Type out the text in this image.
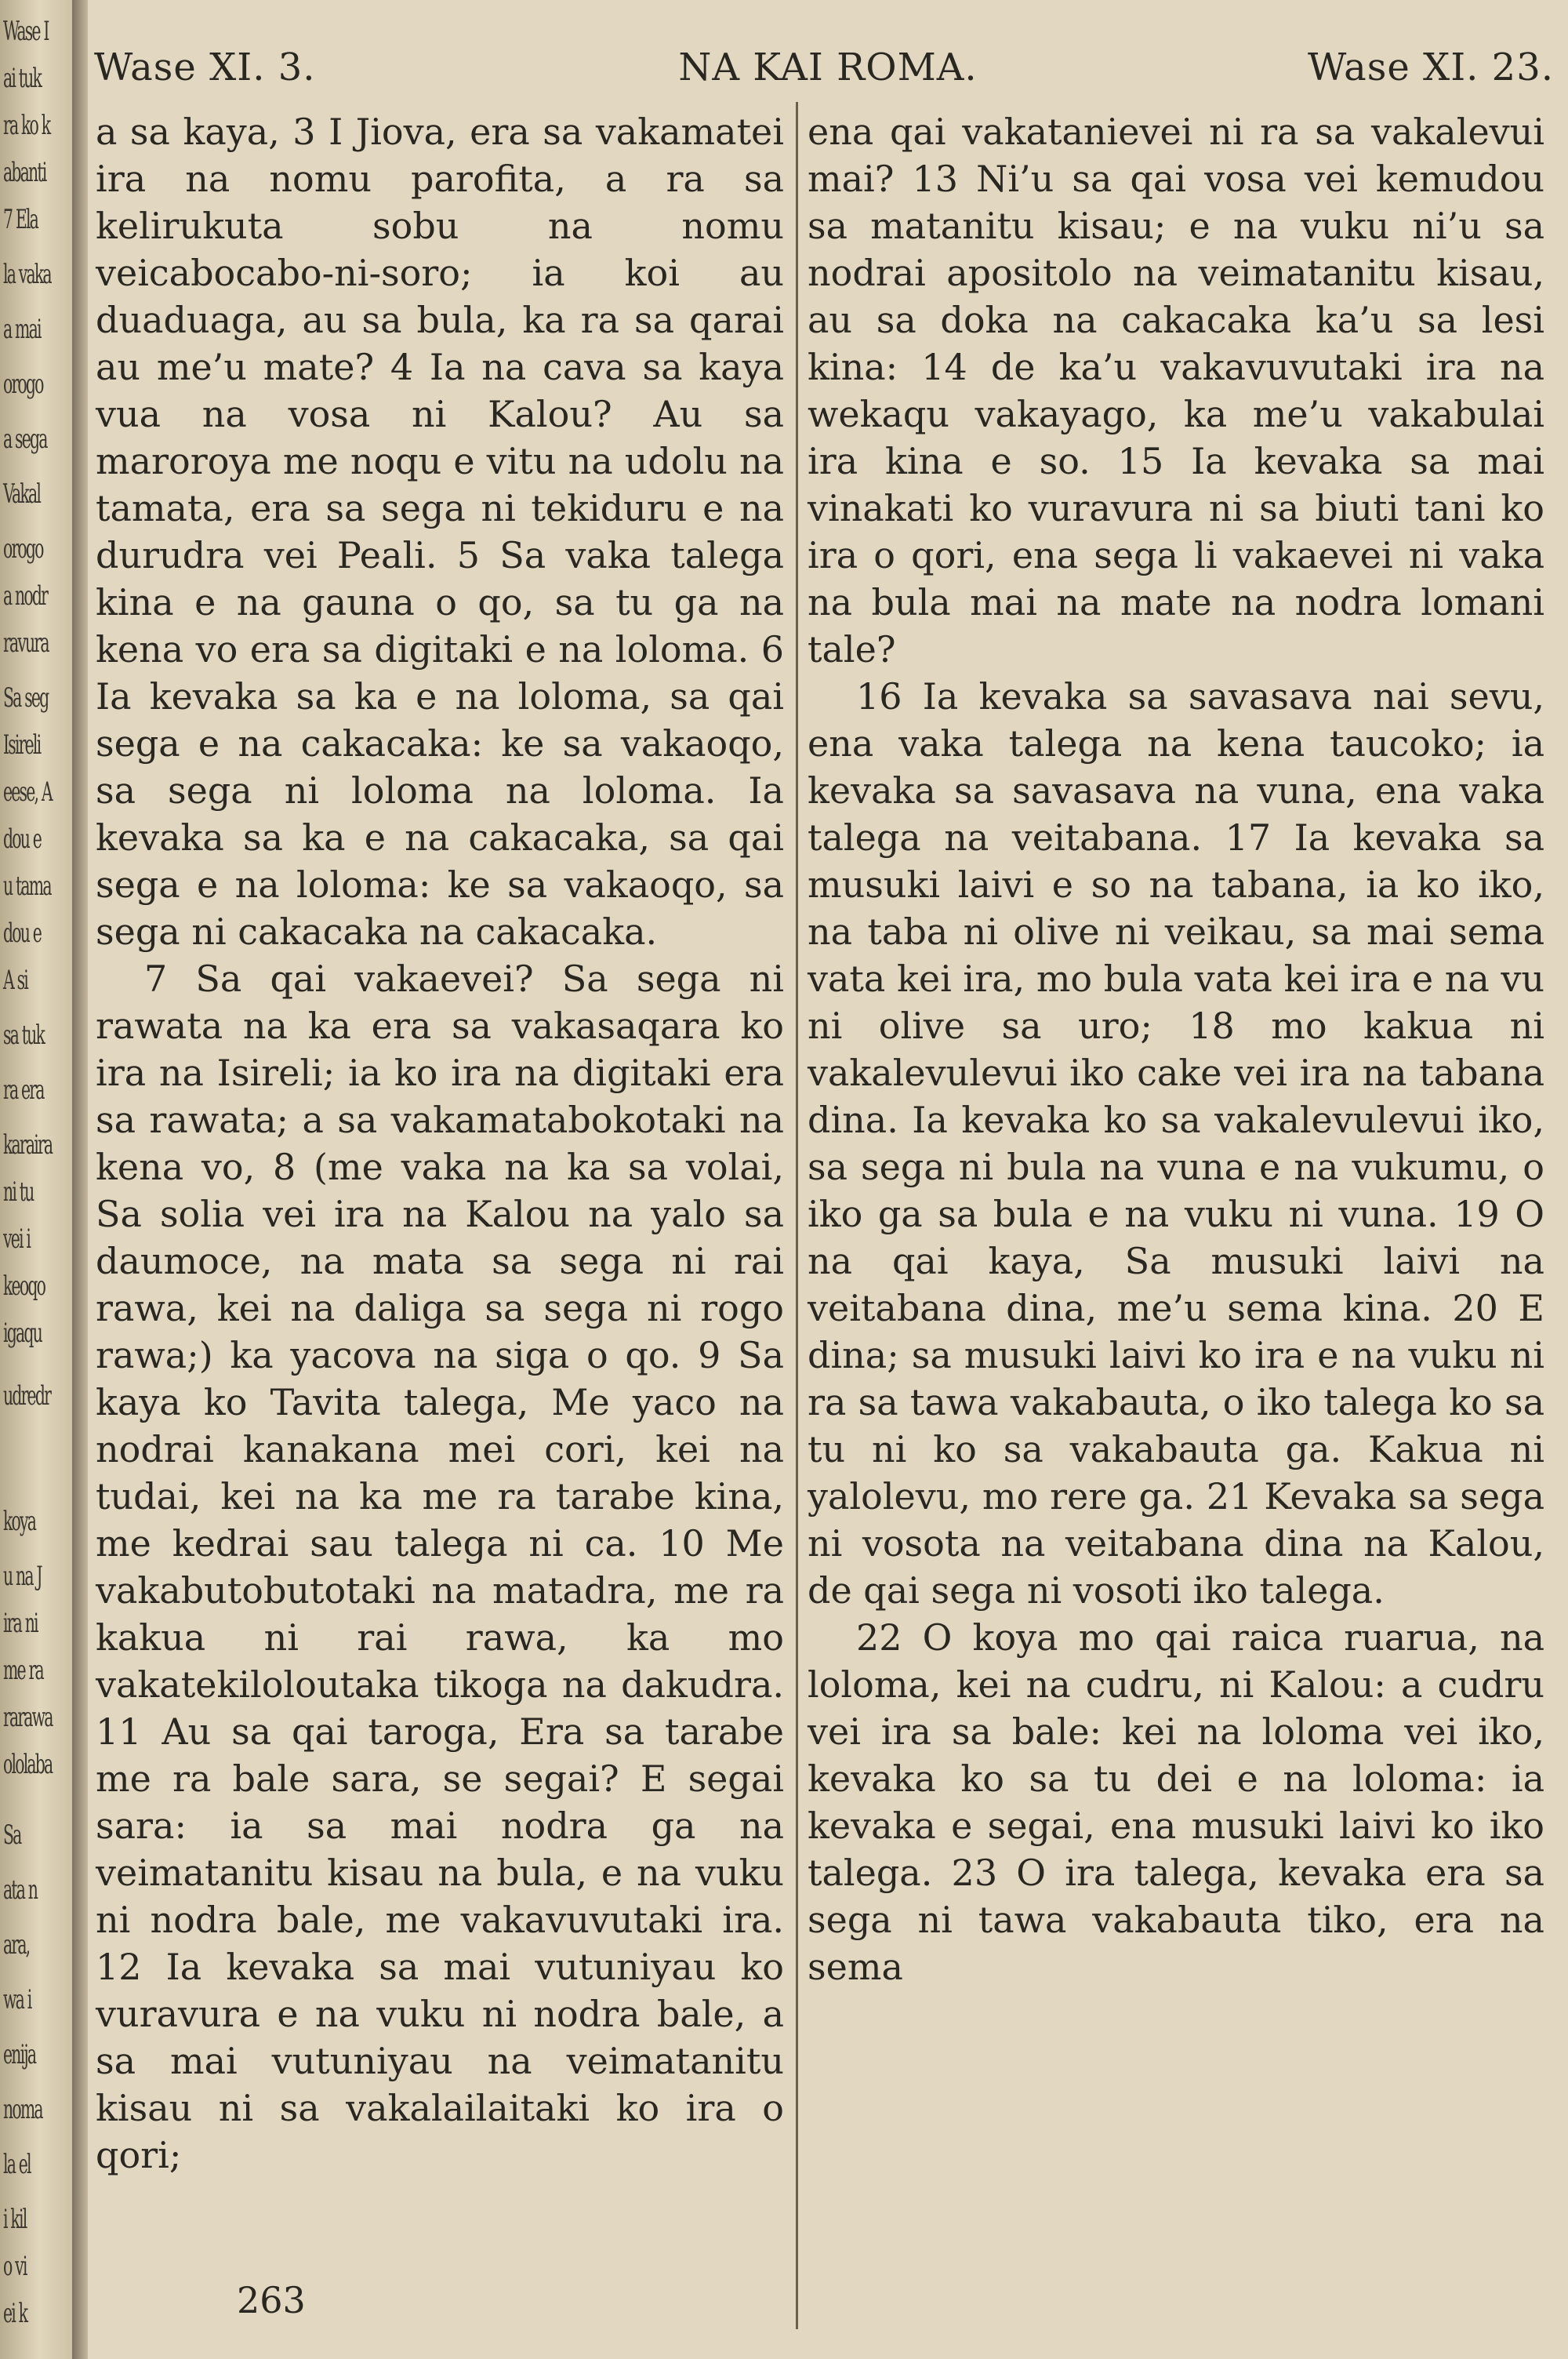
Wase I
ai tuk
ra ko k
abanti
7 Ela
la vaka
a mai
orogo
a sega
Vakal
orogo
a nodr
ravura
Sa seg
Isireli
eese, A
dou e
u tama
dou e
A si
sa tuk
ra era
karaira
ni tu
vei i
keoqo
igaqu
udredr
koya
u na J
ira ni
me ra
rarawa
ololaba
Sa
ata n
ara,
wa i
enija
noma
la el
i kil
o vi
ei k
Wase XI. 3.	NA KAI ROMA.	Wase XI. 23.

a sa kaya, 3 I Jiova, era sa vakamatei ira na nomu parofita, a ra sa kelirukuta sobu na nomu veicabocabo-ni-soro; ia koi au duaduaga, au sa bula, ka ra sa qarai au me’u mate? 4 Ia na cava sa kaya vua na vosa ni Kalou? Au sa maroroya me noqu e vitu na udolu na tamata, era sa sega ni tekiduru e na durudra vei Peali. 5 Sa vaka talega kina e na gauna o qo, sa tu ga na kena vo era sa digitaki e na loloma. 6 Ia kevaka sa ka e na loloma, sa qai sega e na cakacaka: ke sa vakaoqo, sa sega ni loloma na loloma. Ia kevaka sa ka e na cakacaka, sa qai sega e na loloma: ke sa vakaoqo, sa sega ni cakacaka na cakacaka.

7 Sa qai vakaevei? Sa sega ni rawata na ka era sa vakasaqara ko ira na Isireli; ia ko ira na digitaki era sa rawata; a sa vakamatabokotaki na kena vo, 8 (me vaka na ka sa volai, Sa solia vei ira na Kalou na yalo sa daumoce, na mata sa sega ni rai rawa, kei na daliga sa sega ni rogo rawa;) ka yacova na siga o qo. 9 Sa kaya ko Tavita talega, Me yaco na nodrai kanakana mei cori, kei na tudai, kei na ka me ra tarabe kina, me kedrai sau talega ni ca. 10 Me vakabutobutotaki na matadra, me ra kakua ni rai rawa, ka mo vakatekiloloutaka tikoga na dakudra. 11 Au sa qai taroga, Era sa tarabe me ra bale sara, se segai? E segai sara: ia sa mai nodra ga na veimatanitu kisau na bula, e na vuku ni nodra bale, me vakavuvutaki ira. 12 Ia kevaka sa mai vutuniyau ko vuravura e na vuku ni nodra bale, a sa mai vutuniyau na veimatanitu kisau ni sa vakalailaitaki ko ira o qori;

ena qai vakatanievei ni ra sa vakalevui mai? 13 Ni’u sa qai vosa vei kemudou sa matanitu kisau; e na vuku ni’u sa nodrai apositolo na veimatanitu kisau, au sa doka na cakacaka ka’u sa lesi kina: 14 de ka’u vakavuvutaki ira na wekaqu vakayago, ka me’u vakabulai ira kina e so. 15 Ia kevaka sa mai vinakati ko vuravura ni sa biuti tani ko ira o qori, ena sega li vakaevei ni vaka na bula mai na mate na nodra lomani tale?

16 Ia kevaka sa savasava nai sevu, ena vaka talega na kena taucoko; ia kevaka sa savasava na vuna, ena vaka talega na veitabana. 17 Ia kevaka sa musuki laivi e so na tabana, ia ko iko, na taba ni olive ni veikau, sa mai sema vata kei ira, mo bula vata kei ira e na vu ni olive sa uro; 18 mo kakua ni vakalevulevui iko cake vei ira na tabana dina. Ia kevaka ko sa vakalevulevui iko, sa sega ni bula na vuna e na vukumu, o iko ga sa bula e na vuku ni vuna. 19 O na qai kaya, Sa musuki laivi na veitabana dina, me’u sema kina. 20 E dina; sa musuki laivi ko ira e na vuku ni ra sa tawa vakabauta, o iko talega ko sa tu ni ko sa vakabauta ga. Kakua ni yalolevu, mo rere ga. 21 Kevaka sa sega ni vosota na veitabana dina na Kalou, de qai sega ni vosoti iko talega.

22 O koya mo qai raica ruarua, na loloma, kei na cudru, ni Kalou: a cudru vei ira sa bale: kei na loloma vei iko, kevaka ko sa tu dei e na loloma: ia kevaka e segai, ena musuki laivi ko iko talega. 23 O ira talega, kevaka era sa sega ni tawa vakabauta tiko, era na sema

263
